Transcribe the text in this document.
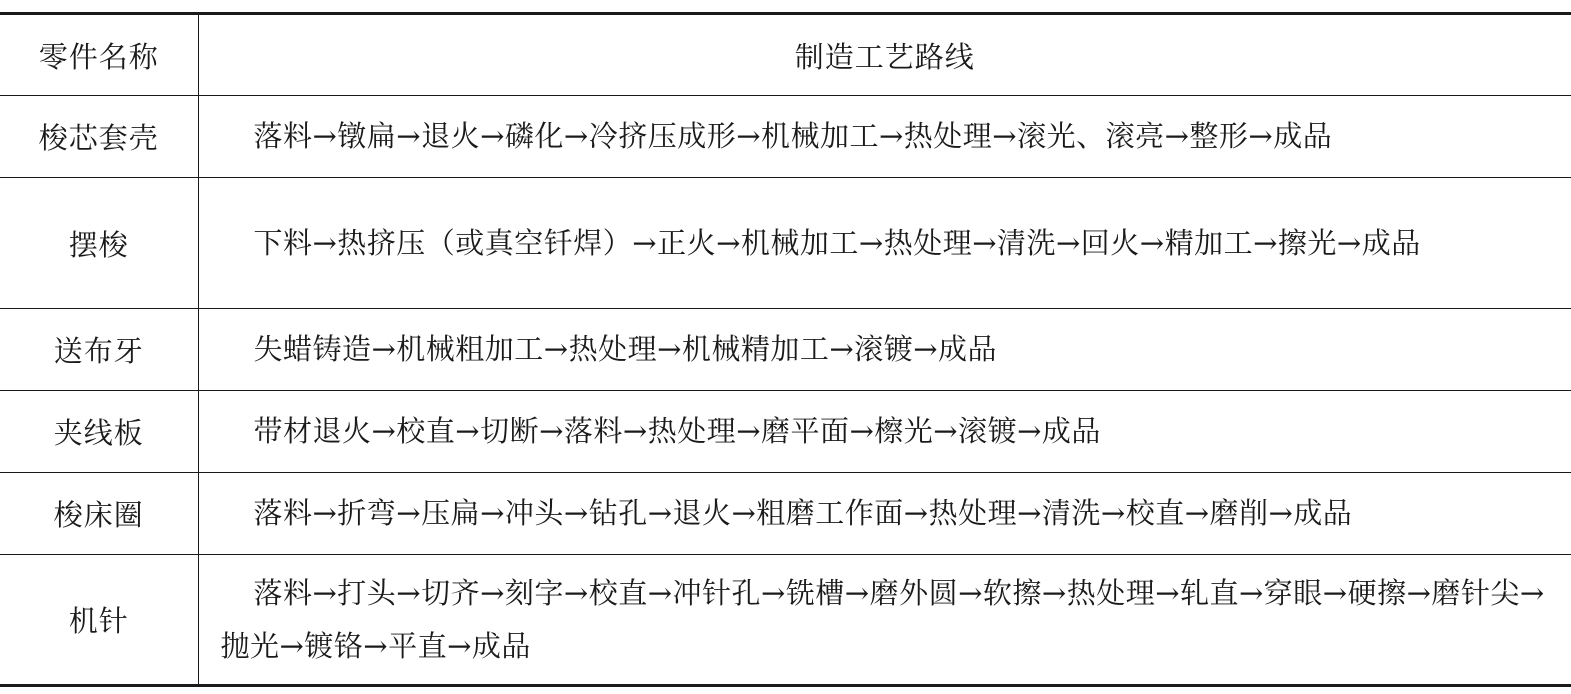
零件名称	制造工艺路线
梭芯套壳	落料→镦扁→退火→磷化→冷挤压成形→机械加工→热处理→滚光、滚亮→整形→成品
摆梭	下料→热挤压（或真空钎焊）→正火→机械加工→热处理→清洗→回火→精加工→擦光→成品
送布牙	失蜡铸造→机械粗加工→热处理→机械精加工→滚镀→成品
夹线板	带材退火→校直→切断→落料→热处理→磨平面→檫光→滚镀→成品
梭床圈	落料→折弯→压扁→冲头→钻孔→退火→粗磨工作面→热处理→清洗→校直→磨削→成品
机针	落料→打头→切齐→刻字→校直→冲针孔→铣槽→磨外圆→软擦→热处理→轧直→穿眼→硬擦→磨针尖→抛光→镀铬→平直→成品
